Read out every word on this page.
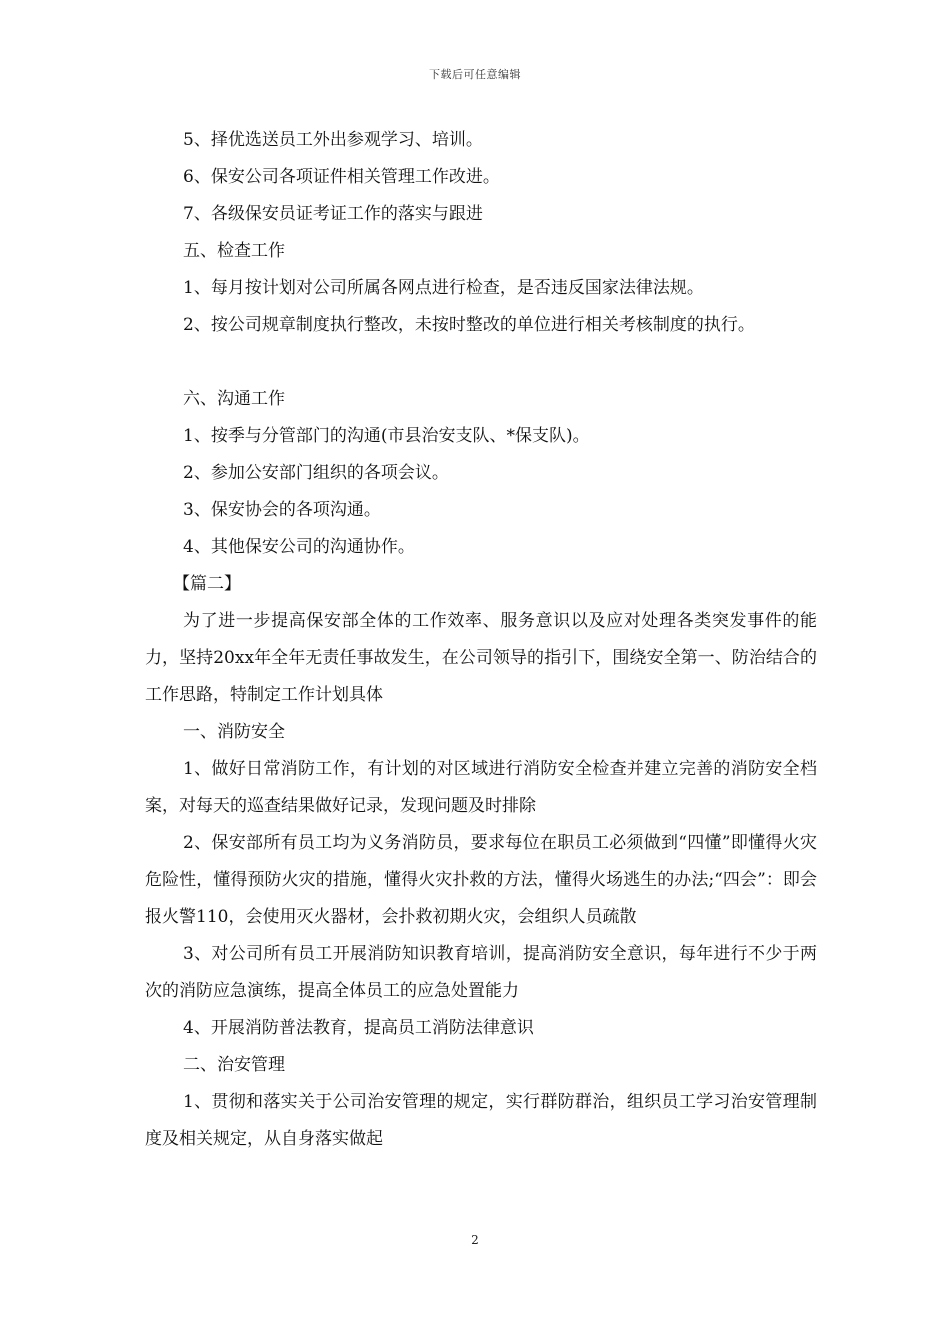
下载后可任意编辑
5、择优选送员工外出参观学习、培训。
6、保安公司各项证件相关管理工作改进。
7、各级保安员证考证工作的落实与跟进
五、检查工作
1、每月按计划对公司所属各网点进行检查，是否违反国家法律法规。
2、按公司规章制度执行整改，未按时整改的单位进行相关考核制度的执行。
六、沟通工作
1、按季与分管部门的沟通(市县治安支队、*保支队)。
2、参加公安部门组织的各项会议。
3、保安协会的各项沟通。
4、其他保安公司的沟通协作。
【篇二】
为了进一步提高保安部全体的工作效率、服务意识以及应对处理各类突发事件的能力，坚持20xx年全年无责任事故发生，在公司领导的指引下，围绕安全第一、防治结合的工作思路，特制定工作计划具体
一、消防安全
1、做好日常消防工作，有计划的对区域进行消防安全检查并建立完善的消防安全档案，对每天的巡查结果做好记录，发现问题及时排除
2、保安部所有员工均为义务消防员，要求每位在职员工必须做到“四懂”即懂得火灾危险性，懂得预防火灾的措施，懂得火灾扑救的方法，懂得火场逃生的办法;“四会”：即会报火警110，会使用灭火器材，会扑救初期火灾，会组织人员疏散
3、对公司所有员工开展消防知识教育培训，提高消防安全意识，每年进行不少于两次的消防应急演练，提高全体员工的应急处置能力
4、开展消防普法教育，提高员工消防法律意识
二、治安管理
1、贯彻和落实关于公司治安管理的规定，实行群防群治，组织员工学习治安管理制度及相关规定，从自身落实做起
2
